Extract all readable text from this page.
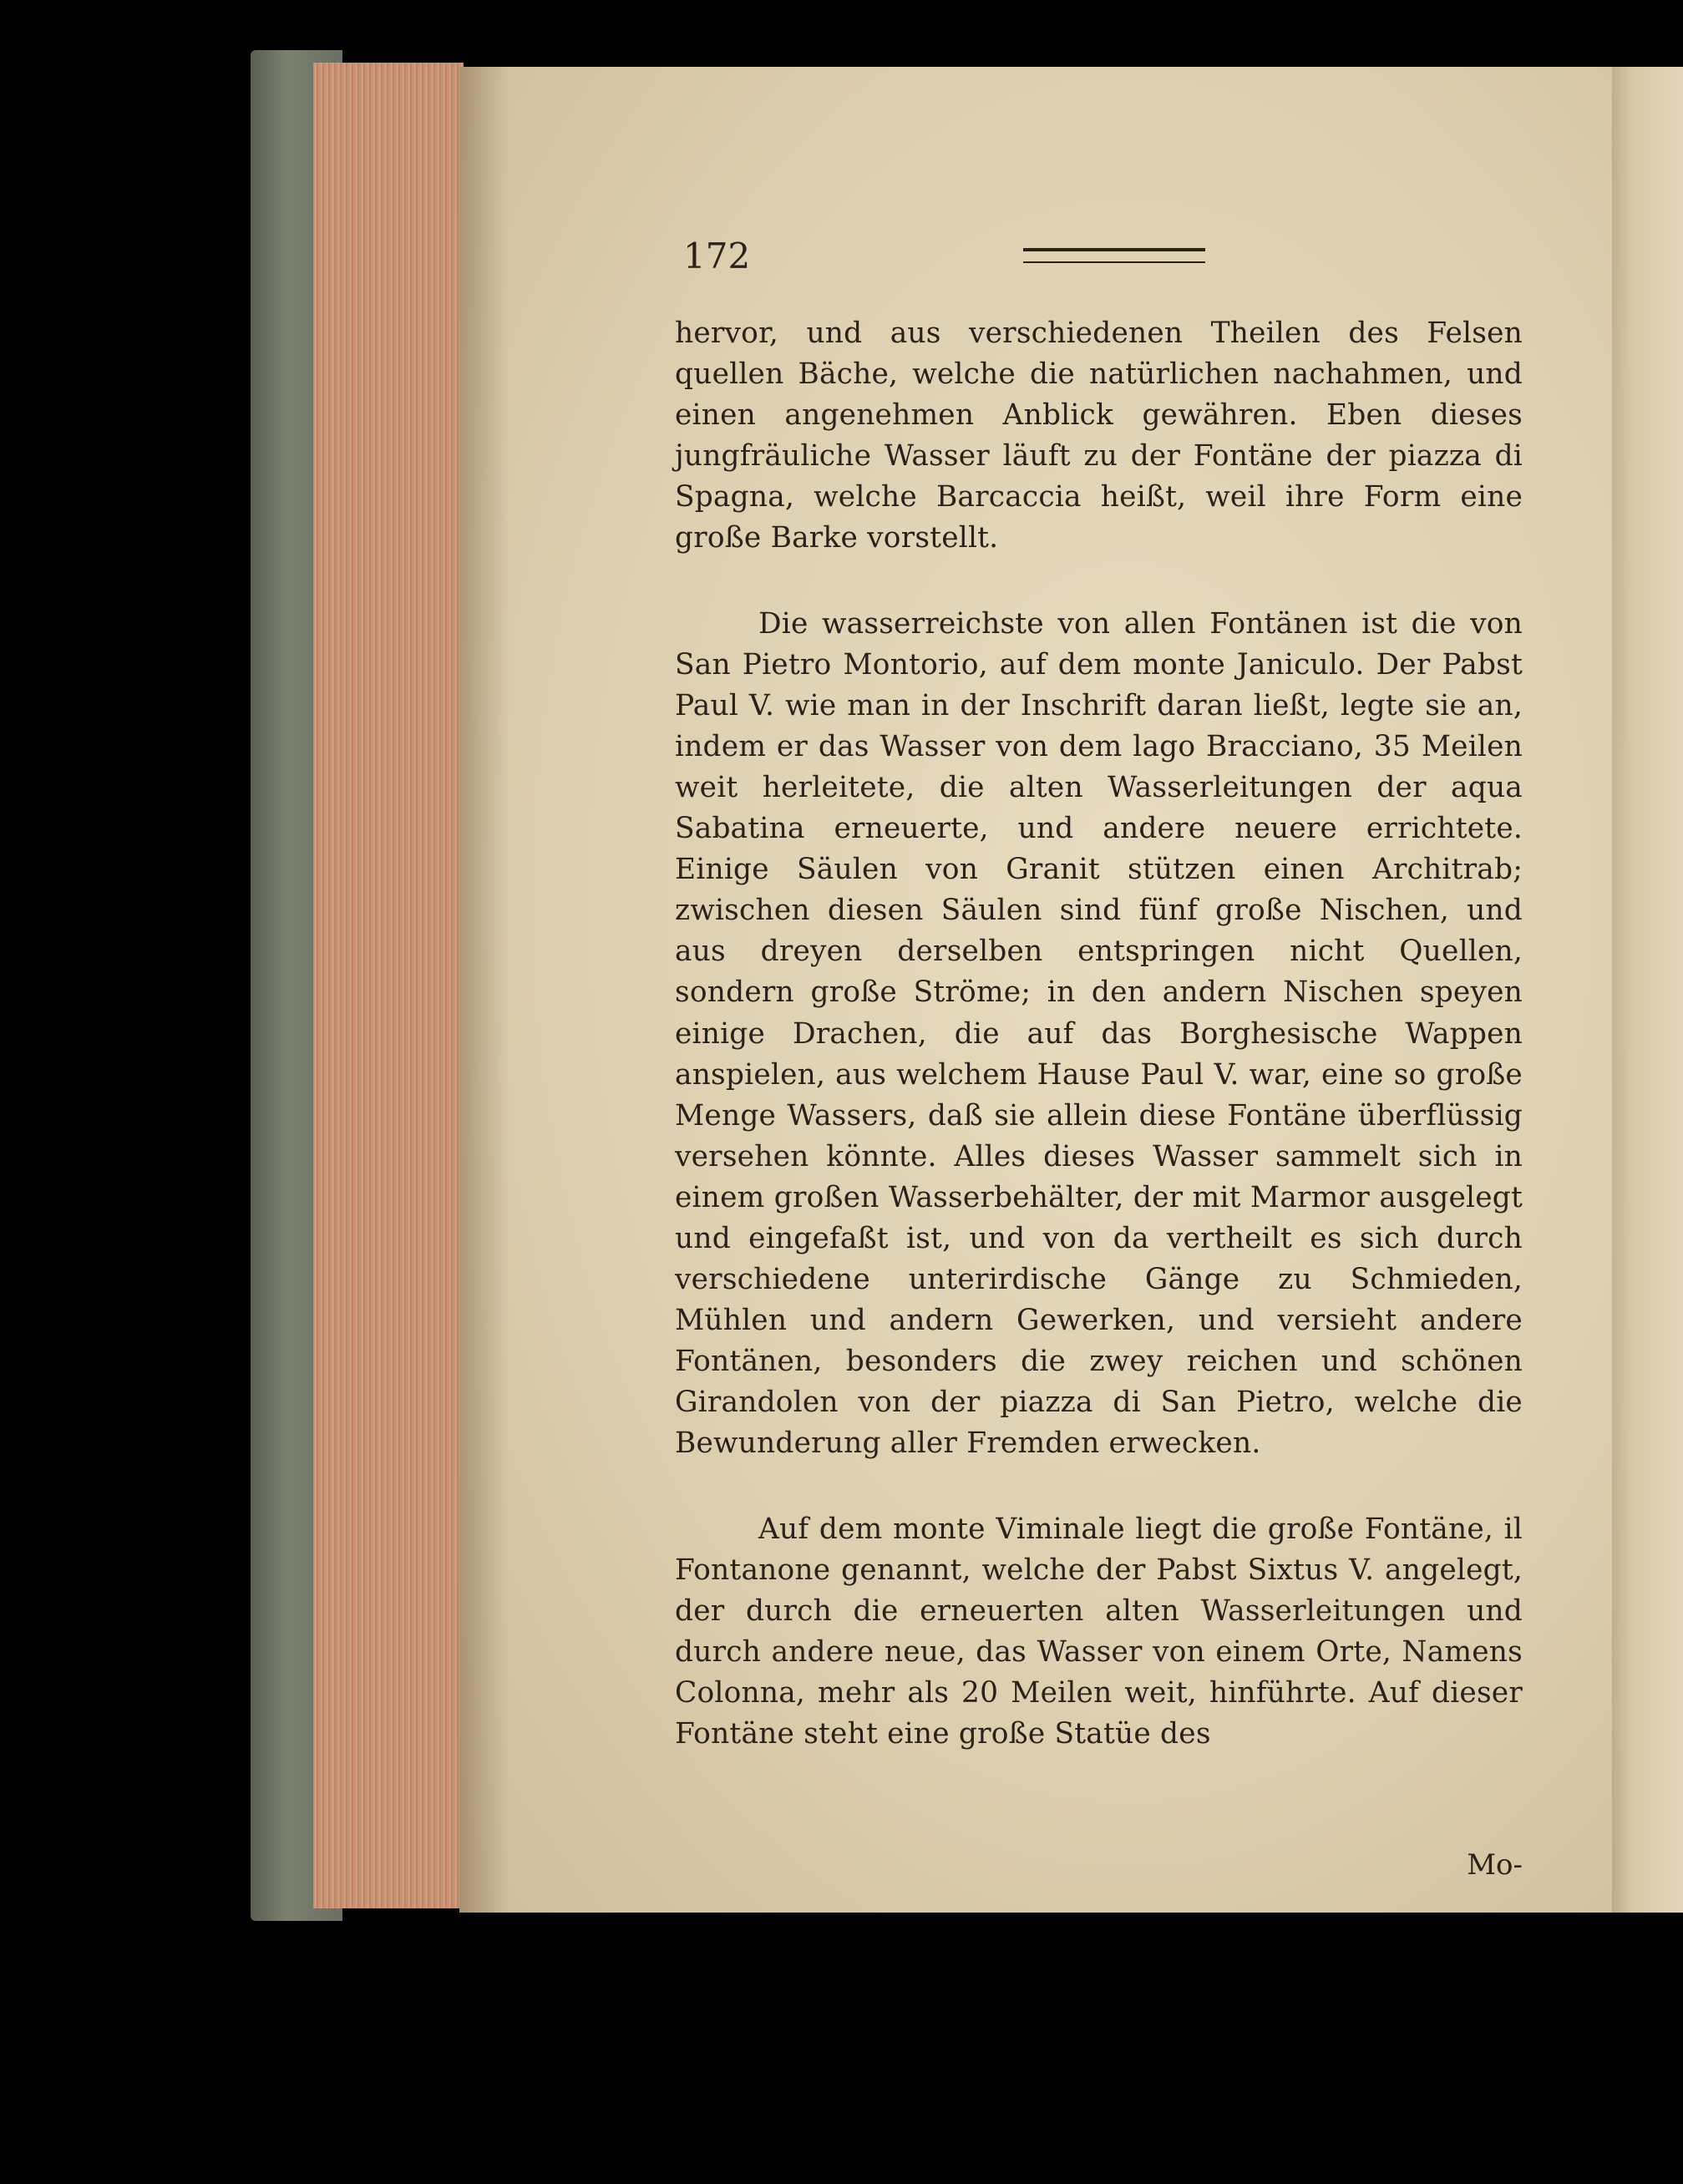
172

hervor, und aus verschiedenen Theilen des Felsen quellen Bäche, welche die natürlichen nachahmen, und einen angenehmen Anblick gewähren. Eben dieses jungfräuliche Wasser läuft zu der Fontäne der piazza di Spagna, welche Barcaccia heißt, weil ihre Form eine große Barke vorstellt.

Die wasserreichste von allen Fontänen ist die von San Pietro Montorio, auf dem monte Janiculo. Der Pabst Paul V. wie man in der Inschrift daran ließt, legte sie an, indem er das Wasser von dem lago Bracciano, 35 Meilen weit herleitete, die alten Wasserleitungen der aqua Sabatina erneuerte, und andere neuere errichtete. Einige Säulen von Granit stützen einen Architrab; zwischen diesen Säulen sind fünf große Nischen, und aus dreyen derselben entspringen nicht Quellen, sondern große Ströme; in den andern Nischen speyen einige Drachen, die auf das Borghesische Wappen anspielen, aus welchem Hause Paul V. war, eine so große Menge Wassers, daß sie allein diese Fontäne überflüssig versehen könnte. Alles dieses Wasser sammelt sich in einem großen Wasserbehälter, der mit Marmor ausgelegt und eingefaßt ist, und von da vertheilt es sich durch verschiedene unterirdische Gänge zu Schmieden, Mühlen und andern Gewerken, und versieht andere Fontänen, besonders die zwey reichen und schönen Girandolen von der piazza di San Pietro, welche die Bewunderung aller Fremden erwecken.

Auf dem monte Viminale liegt die große Fontäne, il Fontanone genannt, welche der Pabst Sixtus V. angelegt, der durch die erneuerten alten Wasserleitungen und durch andere neue, das Wasser von einem Orte, Namens Colonna, mehr als 20 Meilen weit, hinführte. Auf dieser Fontäne steht eine große Statüe des

Mo-
